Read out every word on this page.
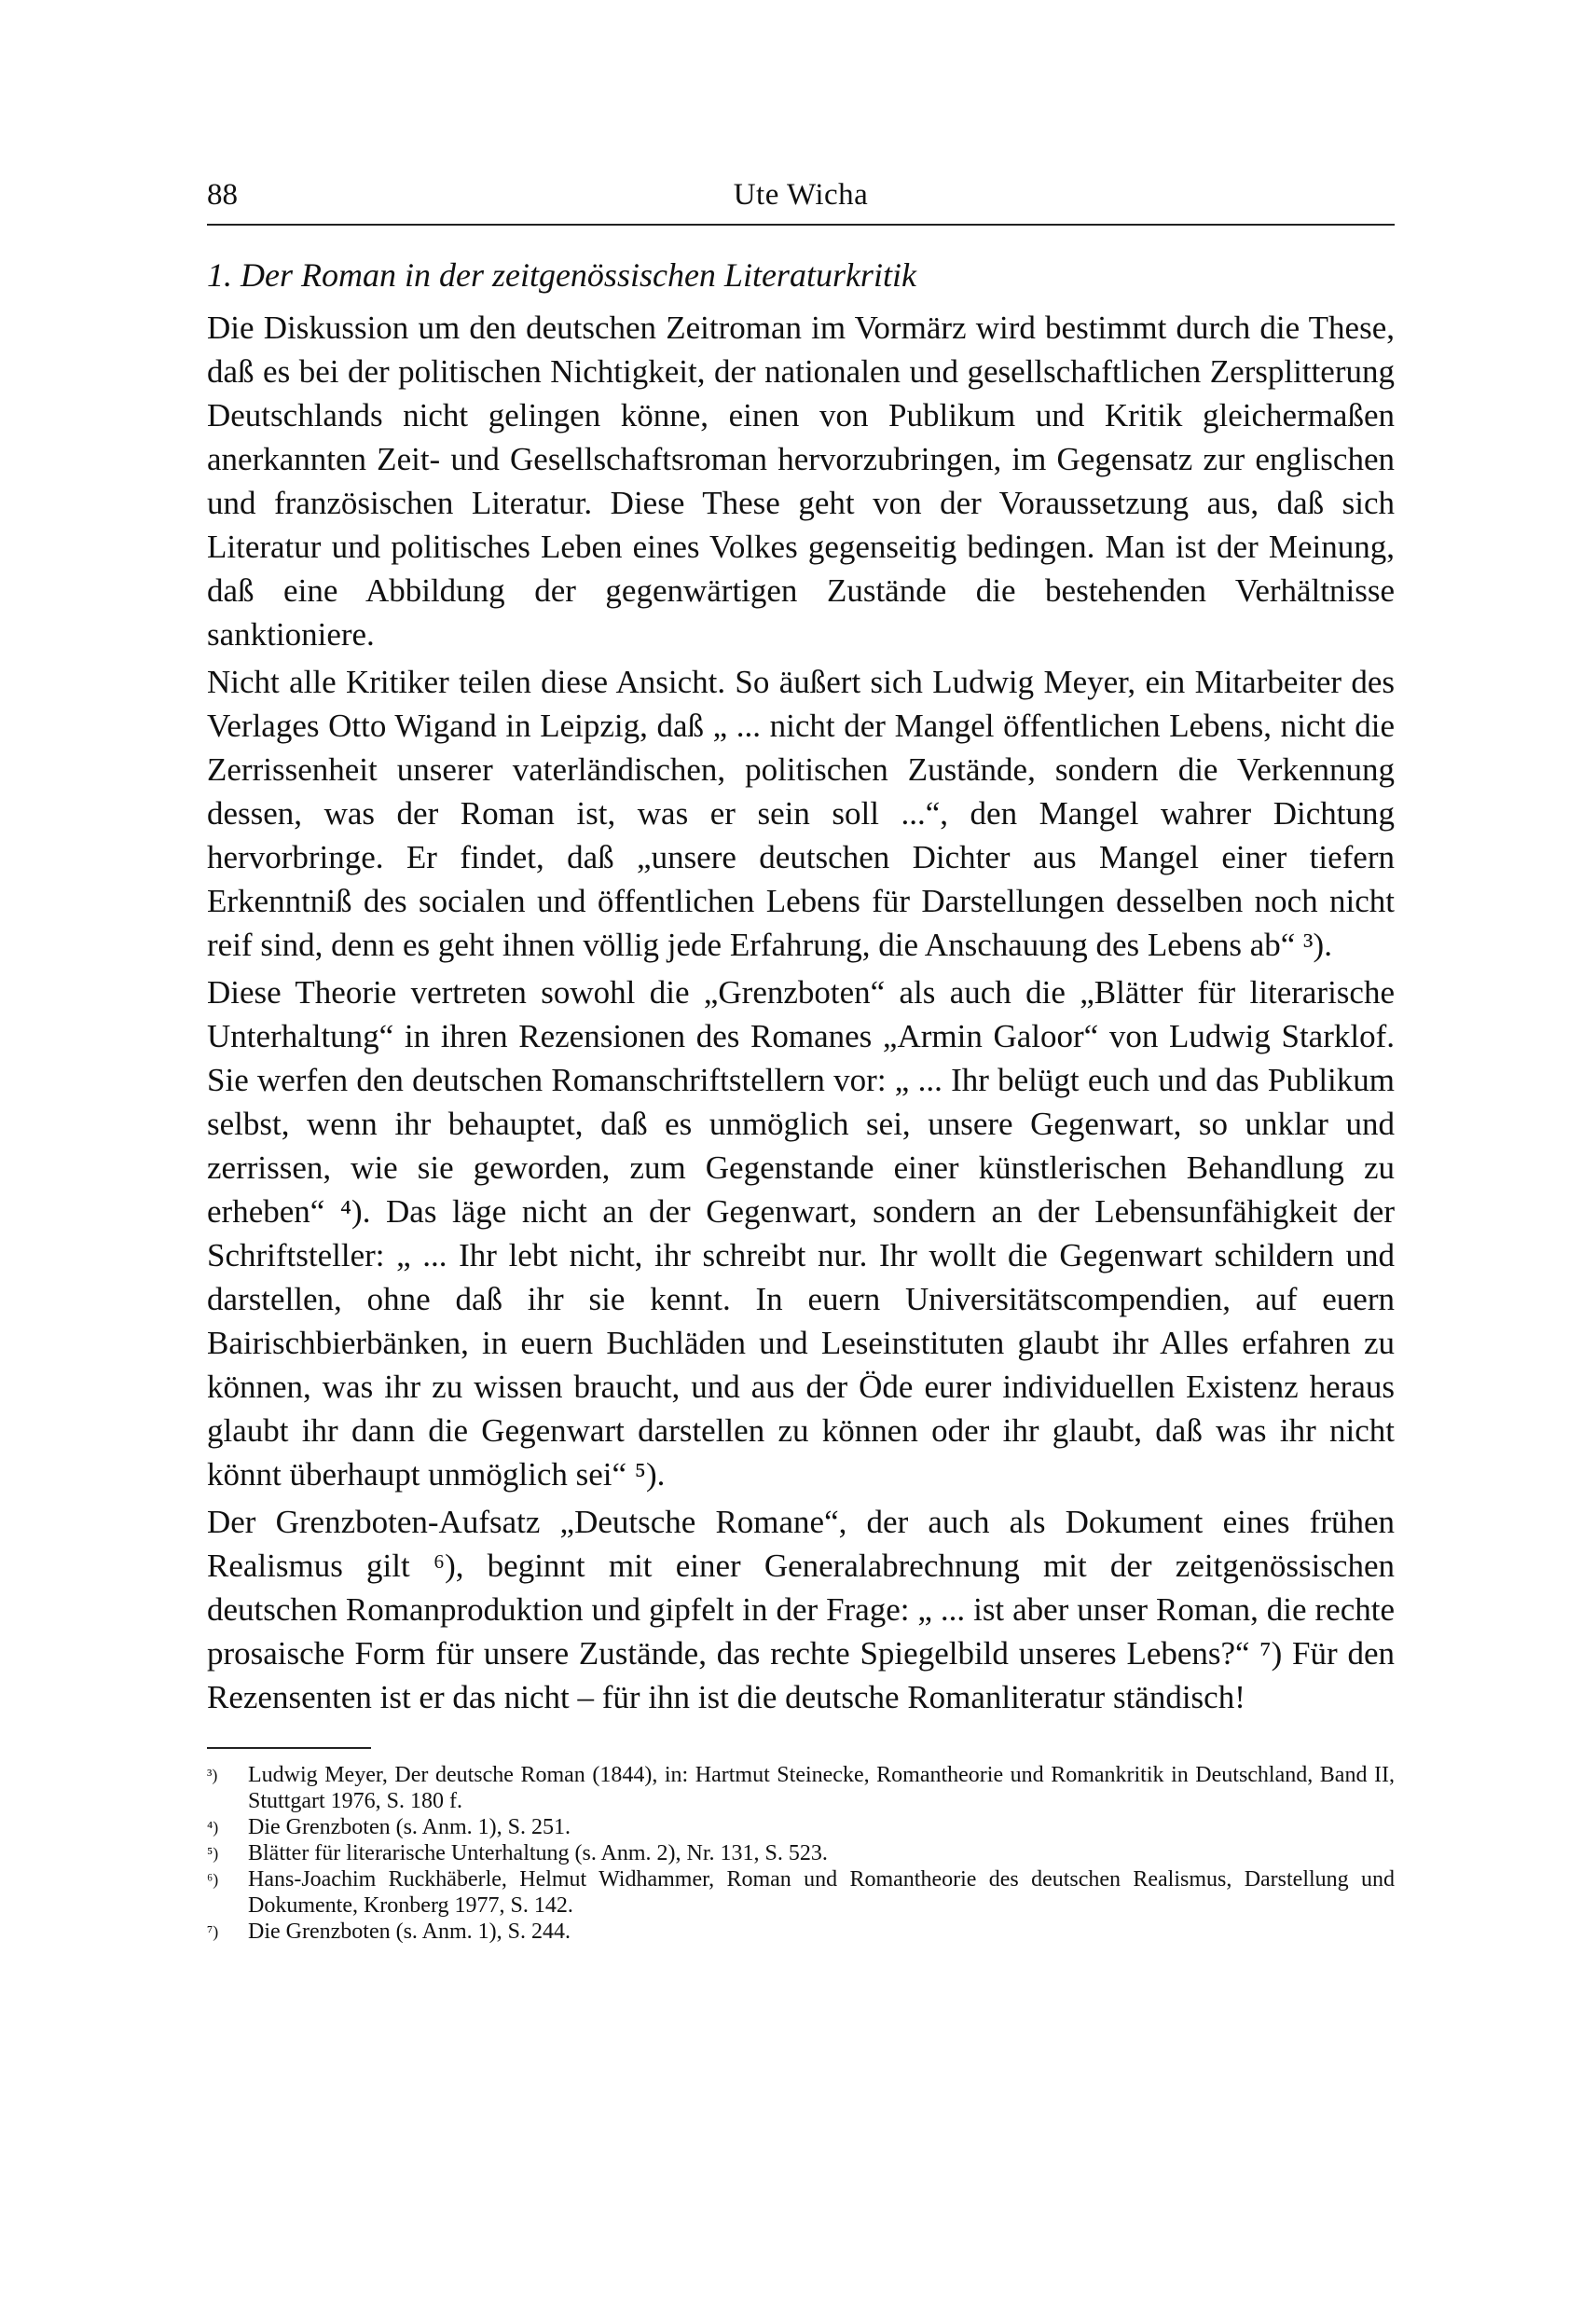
88	Ute Wicha
1. Der Roman in der zeitgenössischen Literaturkritik

Die Diskussion um den deutschen Zeitroman im Vormärz wird bestimmt durch die These, daß es bei der politischen Nichtigkeit, der nationalen und gesellschaftlichen Zersplitterung Deutschlands nicht gelingen könne, einen von Publikum und Kritik gleichermaßen anerkannten Zeit- und Gesellschaftsroman hervorzubringen, im Gegensatz zur englischen und französischen Literatur. Diese These geht von der Voraussetzung aus, daß sich Literatur und politisches Leben eines Volkes gegenseitig bedingen. Man ist der Meinung, daß eine Abbildung der gegenwärtigen Zustände die bestehenden Verhältnisse sanktioniere.

Nicht alle Kritiker teilen diese Ansicht. So äußert sich Ludwig Meyer, ein Mitarbeiter des Verlages Otto Wigand in Leipzig, daß „ ... nicht der Mangel öffentlichen Lebens, nicht die Zerrissenheit unserer vaterländischen, politischen Zustände, sondern die Verkennung dessen, was der Roman ist, was er sein soll ...“, den Mangel wahrer Dichtung hervorbringe. Er findet, daß „unsere deutschen Dichter aus Mangel einer tiefern Erkenntniß des socialen und öffentlichen Lebens für Darstellungen desselben noch nicht reif sind, denn es geht ihnen völlig jede Erfahrung, die Anschauung des Lebens ab“ ³).

Diese Theorie vertreten sowohl die „Grenzboten“ als auch die „Blätter für literarische Unterhaltung“ in ihren Rezensionen des Romanes „Armin Galoor“ von Ludwig Starklof. Sie werfen den deutschen Romanschriftstellern vor: „ ... Ihr belügt euch und das Publikum selbst, wenn ihr behauptet, daß es unmöglich sei, unsere Gegenwart, so unklar und zerrissen, wie sie geworden, zum Gegenstande einer künstlerischen Behandlung zu erheben“ ⁴). Das läge nicht an der Gegenwart, sondern an der Lebensunfähigkeit der Schriftsteller: „ ... Ihr lebt nicht, ihr schreibt nur. Ihr wollt die Gegenwart schildern und darstellen, ohne daß ihr sie kennt. In euern Universitätscompendien, auf euern Bairischbierbänken, in euern Buchläden und Leseinstituten glaubt ihr Alles erfahren zu können, was ihr zu wissen braucht, und aus der Öde eurer individuellen Existenz heraus glaubt ihr dann die Gegenwart darstellen zu können oder ihr glaubt, daß was ihr nicht könnt überhaupt unmöglich sei“ ⁵).

Der Grenzboten-Aufsatz „Deutsche Romane“, der auch als Dokument eines frühen Realismus gilt ⁶), beginnt mit einer Generalabrechnung mit der zeitgenössischen deutschen Romanproduktion und gipfelt in der Frage: „ ... ist aber unser Roman, die rechte prosaische Form für unsere Zustände, das rechte Spiegelbild unseres Lebens?“ ⁷) Für den Rezensenten ist er das nicht – für ihn ist die deutsche Romanliteratur ständisch!

³) Ludwig Meyer, Der deutsche Roman (1844), in: Hartmut Steinecke, Romantheorie und Romankritik in Deutschland, Band II, Stuttgart 1976, S. 180 f.
⁴) Die Grenzboten (s. Anm. 1), S. 251.
⁵) Blätter für literarische Unterhaltung (s. Anm. 2), Nr. 131, S. 523.
⁶) Hans-Joachim Ruckhäberle, Helmut Widhammer, Roman und Romantheorie des deutschen Realismus, Darstellung und Dokumente, Kronberg 1977, S. 142.
⁷) Die Grenzboten (s. Anm. 1), S. 244.
